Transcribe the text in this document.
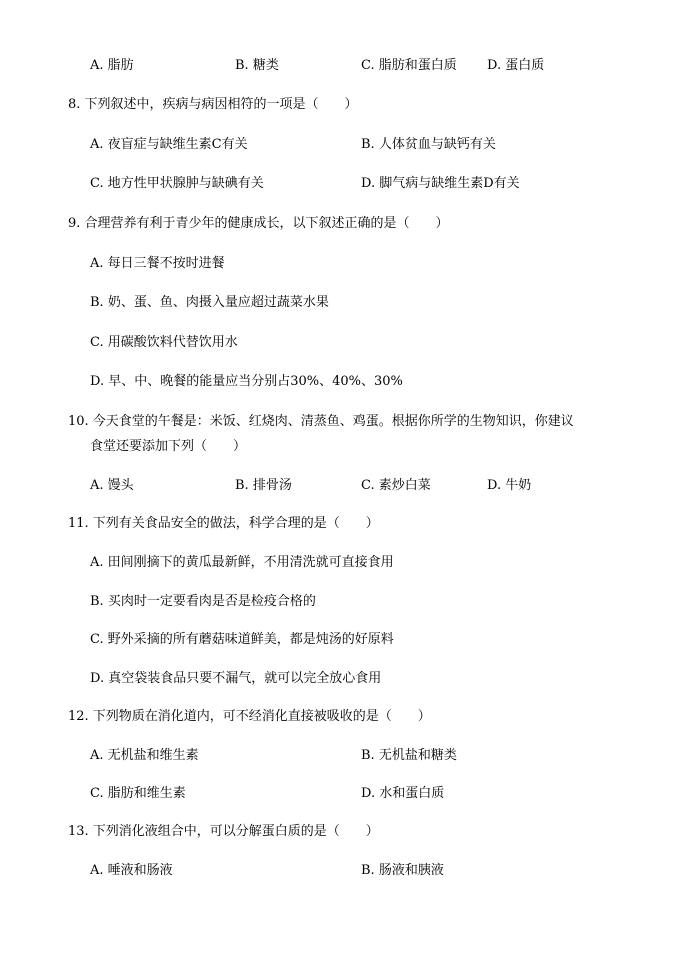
A. 脂肪	B. 糖类	C. 脂肪和蛋白质 D. 蛋白质
8. 下列叙述中，疾病与病因相符的一项是（　　）
A. 夜盲症与缺维生素C有关	B. 人体贫血与缺钙有关
C. 地方性甲状腺肿与缺碘有关	D. 脚气病与缺维生素D有关
9. 合理营养有利于青少年的健康成长，以下叙述正确的是（　　）
A. 每日三餐不按时进餐
B. 奶、蛋、鱼、肉摄入量应超过蔬菜水果
C. 用碳酸饮料代替饮用水
D. 早、中、晚餐的能量应当分别占30%、40%、30%
10. 今天食堂的午餐是：米饭、红烧肉、清蒸鱼、鸡蛋。根据你所学的生物知识，你建议
食堂还要添加下列（　　）
A. 馒头	B. 排骨汤	C. 素炒白菜	D. 牛奶
11. 下列有关食品安全的做法，科学合理的是（　　）
A. 田间刚摘下的黄瓜最新鲜，不用清洗就可直接食用
B. 买肉时一定要看肉是否是检疫合格的
C. 野外采摘的所有蘑菇味道鲜美，都是炖汤的好原料
D. 真空袋装食品只要不漏气，就可以完全放心食用
12. 下列物质在消化道内，可不经消化直接被吸收的是（　　）
A. 无机盐和维生素	B. 无机盐和糖类
C. 脂肪和维生素	D. 水和蛋白质
13. 下列消化液组合中，可以分解蛋白质的是（　　）
A. 唾液和肠液	B. 肠液和胰液
